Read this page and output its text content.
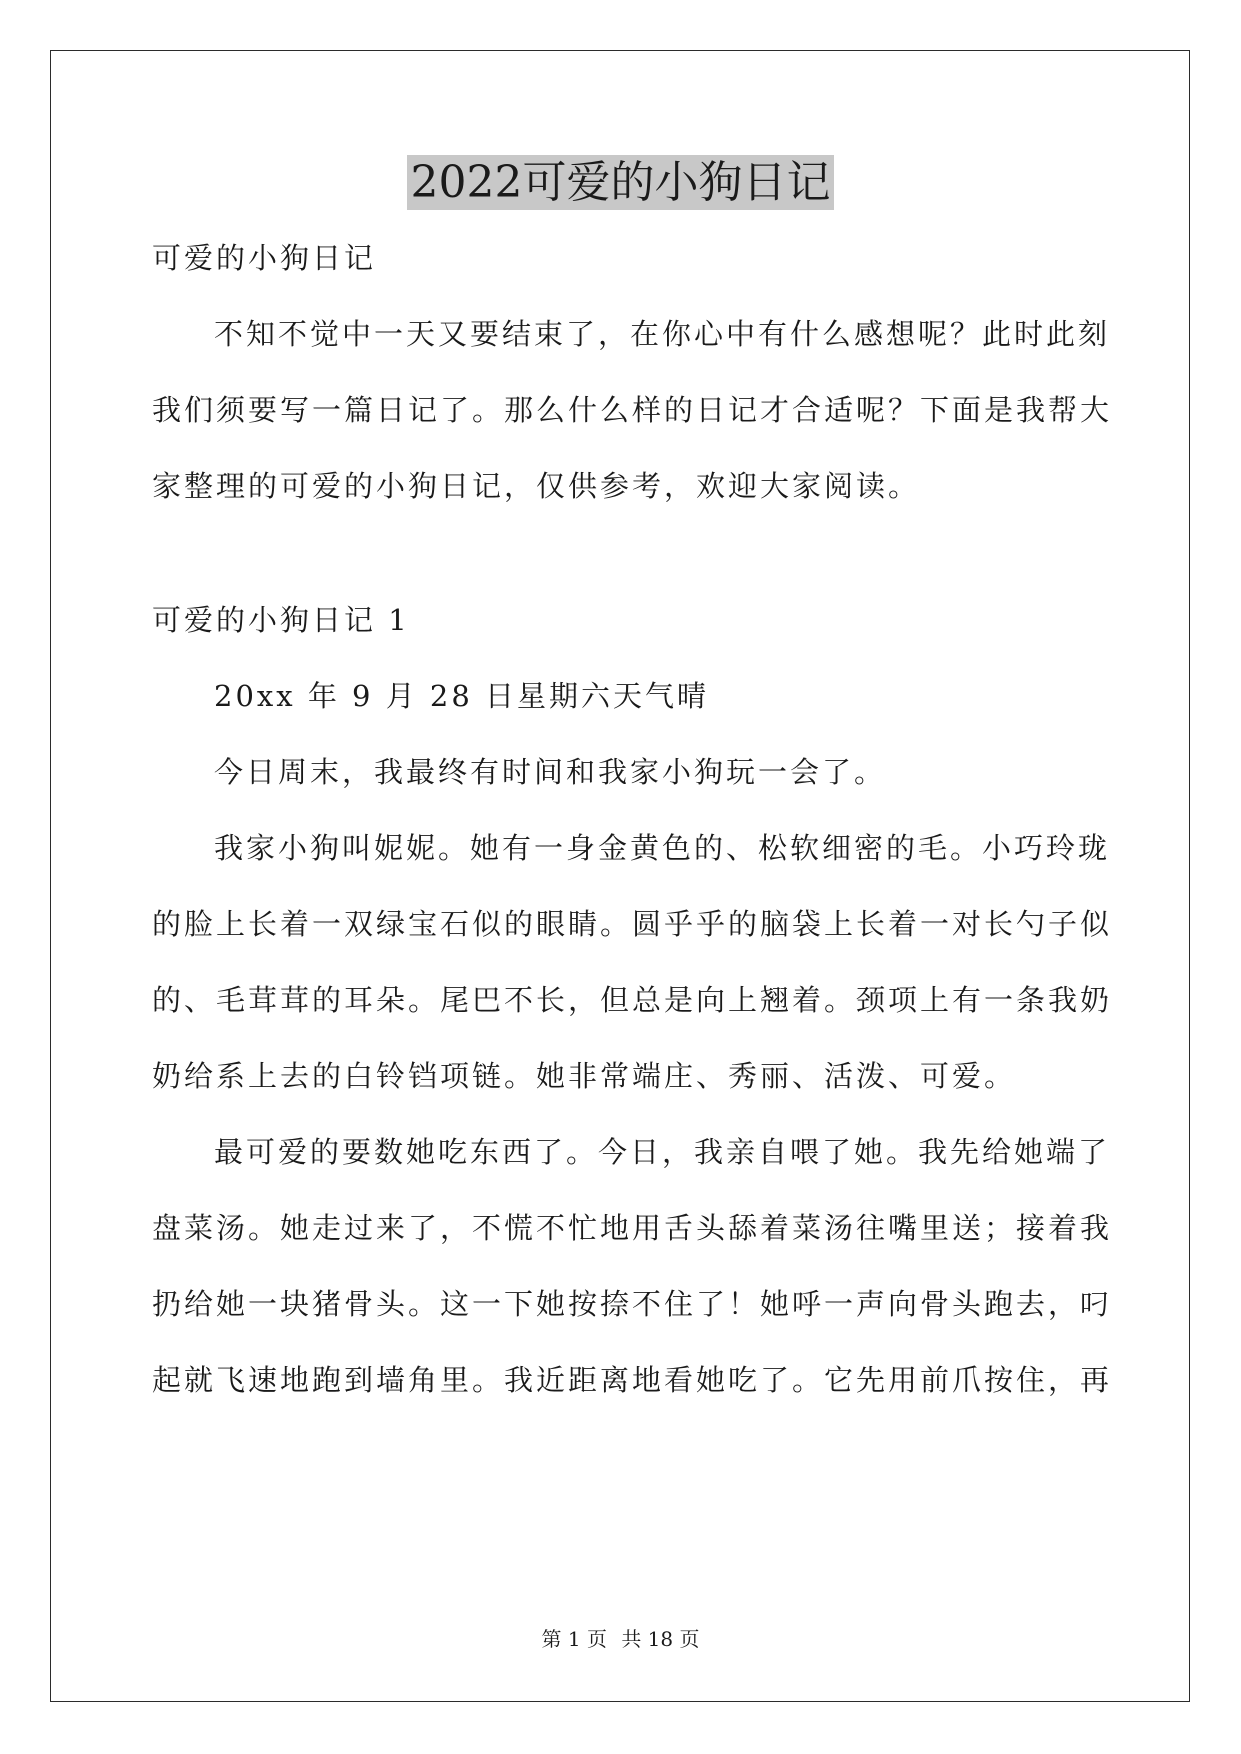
2022可爱的小狗日记

可爱的小狗日记

不知不觉中一天又要结束了，在你心中有什么感想呢？此时此刻

我们须要写一篇日记了。那么什么样的日记才合适呢？下面是我帮大

家整理的可爱的小狗日记，仅供参考，欢迎大家阅读。

可爱的小狗日记 1

20xx 年 9 月 28 日星期六天气晴

今日周末，我最终有时间和我家小狗玩一会了。

我家小狗叫妮妮。她有一身金黄色的、松软细密的毛。小巧玲珑

的脸上长着一双绿宝石似的眼睛。圆乎乎的脑袋上长着一对长勺子似

的、毛茸茸的耳朵。尾巴不长，但总是向上翘着。颈项上有一条我奶

奶给系上去的白铃铛项链。她非常端庄、秀丽、活泼、可爱。

最可爱的要数她吃东西了。今日，我亲自喂了她。我先给她端了

盘菜汤。她走过来了，不慌不忙地用舌头舔着菜汤往嘴里送；接着我

扔给她一块猪骨头。这一下她按捺不住了！她呼一声向骨头跑去，叼

起就飞速地跑到墙角里。我近距离地看她吃了。它先用前爪按住，再

第 1 页 共 18 页
